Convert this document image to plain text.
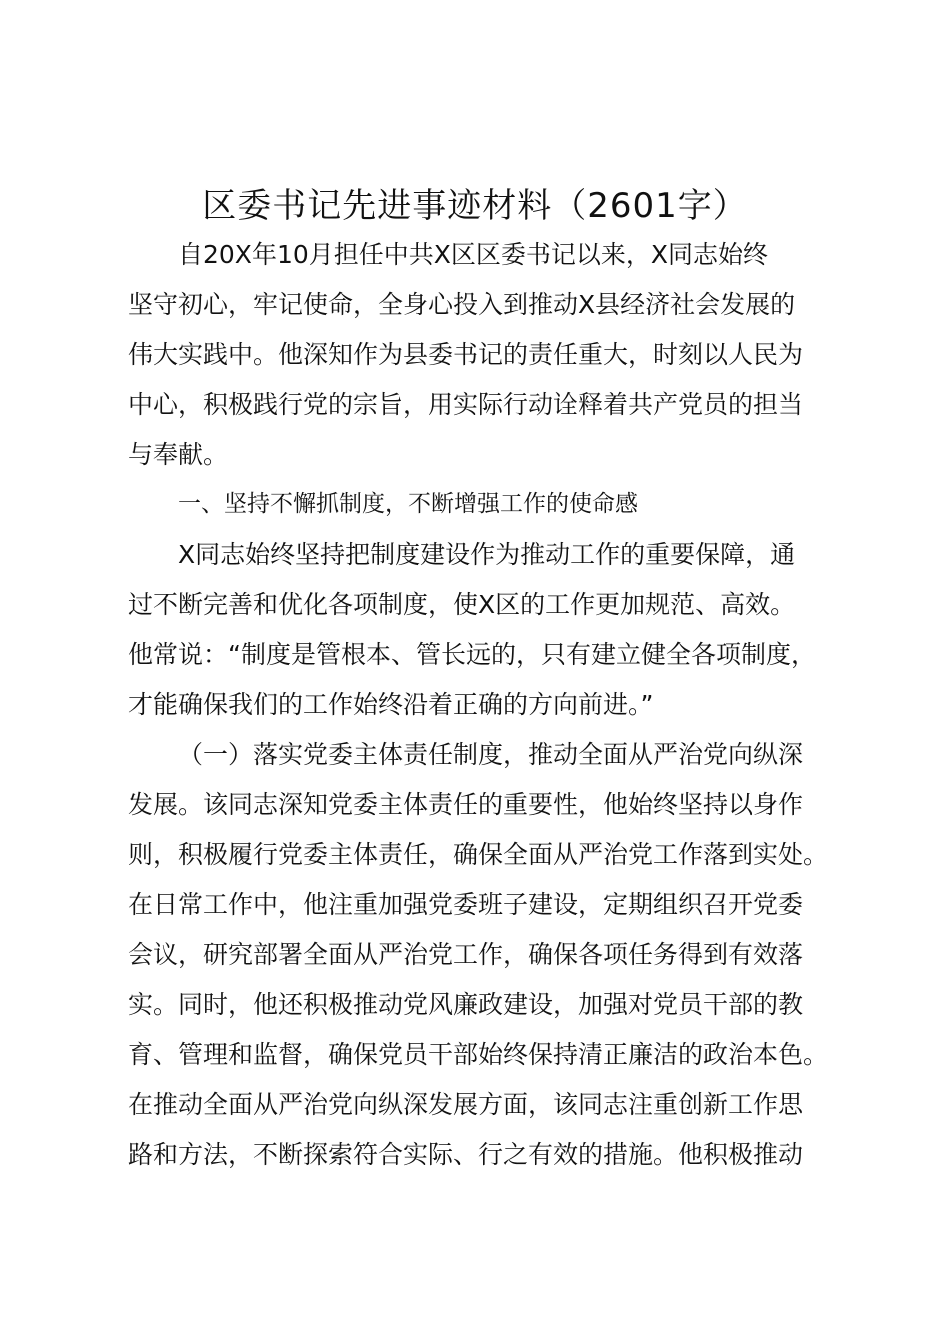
区委书记先进事迹材料（2601字）

自20X年10月担任中共X区区委书记以来，X同志始终

坚守初心，牢记使命，全身心投入到推动X县经济社会发展的

伟大实践中。他深知作为县委书记的责任重大，时刻以人民为

中心，积极践行党的宗旨，用实际行动诠释着共产党员的担当

与奉献。

一、坚持不懈抓制度，不断增强工作的使命感

X同志始终坚持把制度建设作为推动工作的重要保障，通

过不断完善和优化各项制度，使X区的工作更加规范、高效。

他常说：“制度是管根本、管长远的，只有建立健全各项制度，

才能确保我们的工作始终沿着正确的方向前进。”

（一）落实党委主体责任制度，推动全面从严治党向纵深

发展。该同志深知党委主体责任的重要性，他始终坚持以身作

则，积极履行党委主体责任，确保全面从严治党工作落到实处。

在日常工作中，他注重加强党委班子建设，定期组织召开党委

会议，研究部署全面从严治党工作，确保各项任务得到有效落

实。同时，他还积极推动党风廉政建设，加强对党员干部的教

育、管理和监督，确保党员干部始终保持清正廉洁的政治本色。

在推动全面从严治党向纵深发展方面，该同志注重创新工作思

路和方法，不断探索符合实际、行之有效的措施。他积极推动
